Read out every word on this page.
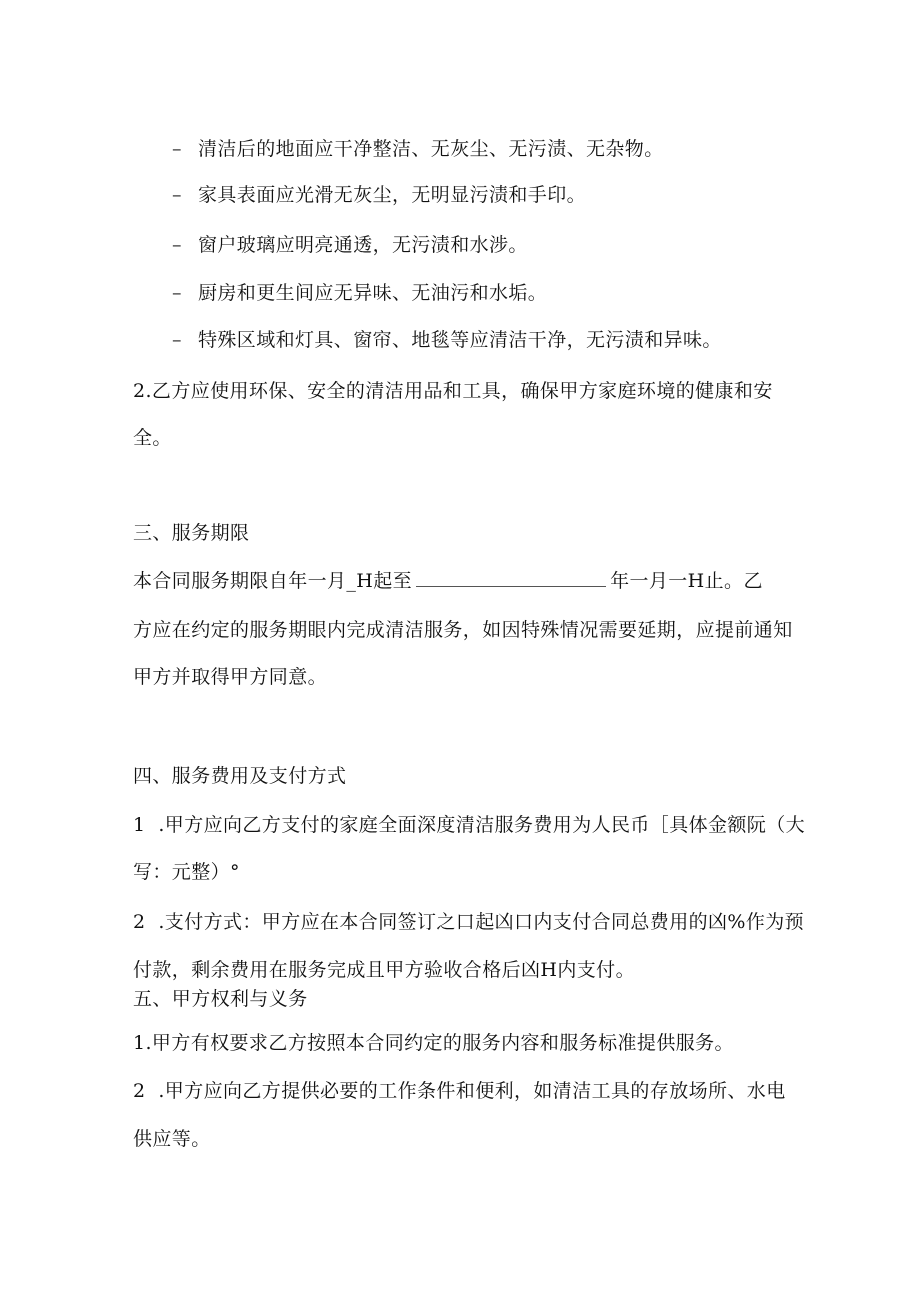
– 清洁后的地面应干净整洁、无灰尘、无污渍、无杂物。
– 家具表面应光滑无灰尘，无明显污渍和手印。
– 窗户玻璃应明亮通透，无污渍和水涉。
– 厨房和更生间应无异味、无油污和水垢。
– 特殊区域和灯具、窗帘、地毯等应清洁干净，无污渍和异味。
2.乙方应使用环保、安全的清洁用品和工具，确保甲方家庭环境的健康和安
全。
三、服务期限
本合同服务期限自年一月_H起至	年一月一H止。乙
方应在约定的服务期眼内完成清洁服务，如因特殊情况需要延期，应提前通知
甲方并取得甲方同意。
四、服务费用及支付方式
1  .甲方应向乙方支付的家庭全面深度清洁服务费用为人民币［具体金额阮（大
写：元整）°
2  .支付方式：甲方应在本合同签订之口起凶口内支付合同总费用的凶%作为预
付款，剩余费用在服务完成且甲方验收合格后凶H内支付。
五、甲方权利与义务
1.甲方有权要求乙方按照本合同约定的服务内容和服务标准提供服务。
2  .甲方应向乙方提供必要的工作条件和便利，如清洁工具的存放场所、水电
供应等。
